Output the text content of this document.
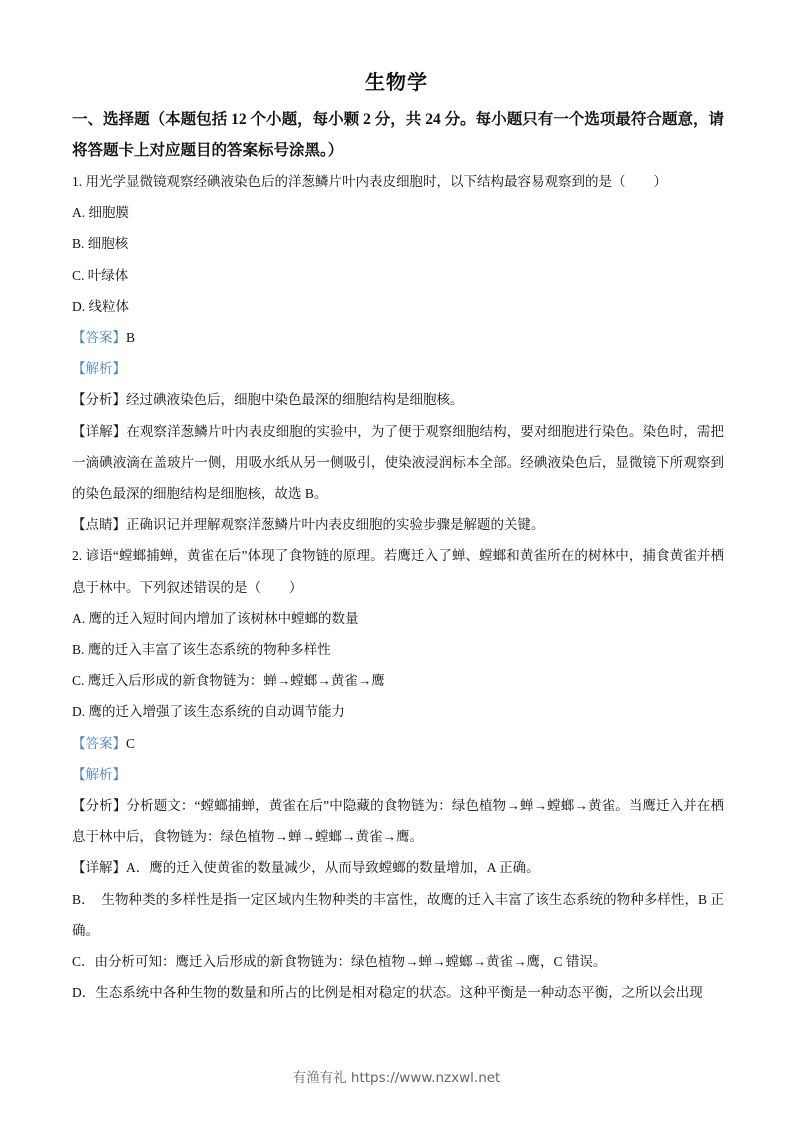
生物学

一、选择题（本题包括 12 个小题，每小颗 2 分，共 24 分。每小题只有一个选项最符合题意，请将答题卡上对应题目的答案标号涂黑。）

1. 用光学显微镜观察经碘液染色后的洋葱鳞片叶内表皮细胞时，以下结构最容易观察到的是（ ）

A. 细胞膜

B. 细胞核

C. 叶绿体

D. 线粒体

【答案】B

【解析】

【分析】经过碘液染色后，细胞中染色最深的细胞结构是细胞核。

【详解】在观察洋葱鳞片叶内表皮细胞的实验中，为了便于观察细胞结构，要对细胞进行染色。染色时，需把一滴碘液滴在盖玻片一侧，用吸水纸从另一侧吸引，使染液浸润标本全部。经碘液染色后，显微镜下所观察到的染色最深的细胞结构是细胞核，故选 B。

【点睛】正确识记并理解观察洋葱鳞片叶内表皮细胞的实验步骤是解题的关键。

2. 谚语“螳螂捕蝉，黄雀在后”体现了食物链的原理。若鹰迁入了蝉、螳螂和黄雀所在的树林中，捕食黄雀并栖息于林中。下列叙述错误的是（ ）

A. 鹰的迁入短时间内增加了该树林中螳螂的数量

B. 鹰的迁入丰富了该生态系统的物种多样性

C. 鹰迁入后形成的新食物链为：蝉→螳螂→黄雀→鹰

D. 鹰的迁入增强了该生态系统的自动调节能力

【答案】C

【解析】

【分析】分析题文：“螳螂捕蝉，黄雀在后”中隐藏的食物链为：绿色植物→蝉→螳螂→黄雀。当鹰迁入并在栖息于林中后，食物链为：绿色植物→蝉→螳螂→黄雀→鹰。

【详解】A．鹰的迁入使黄雀的数量减少，从而导致螳螂的数量增加，A 正确。

B．　生物种类的多样性是指一定区域内生物种类的丰富性，故鹰的迁入丰富了该生态系统的物种多样性，B 正确。

C．由分析可知：鹰迁入后形成的新食物链为：绿色植物→蝉→螳螂→黄雀→鹰，C 错误。

D．生态系统中各种生物的数量和所占的比例是相对稳定的状态。这种平衡是一种动态平衡，之所以会出现

有渔有礼 https://www.nzxwl.net
